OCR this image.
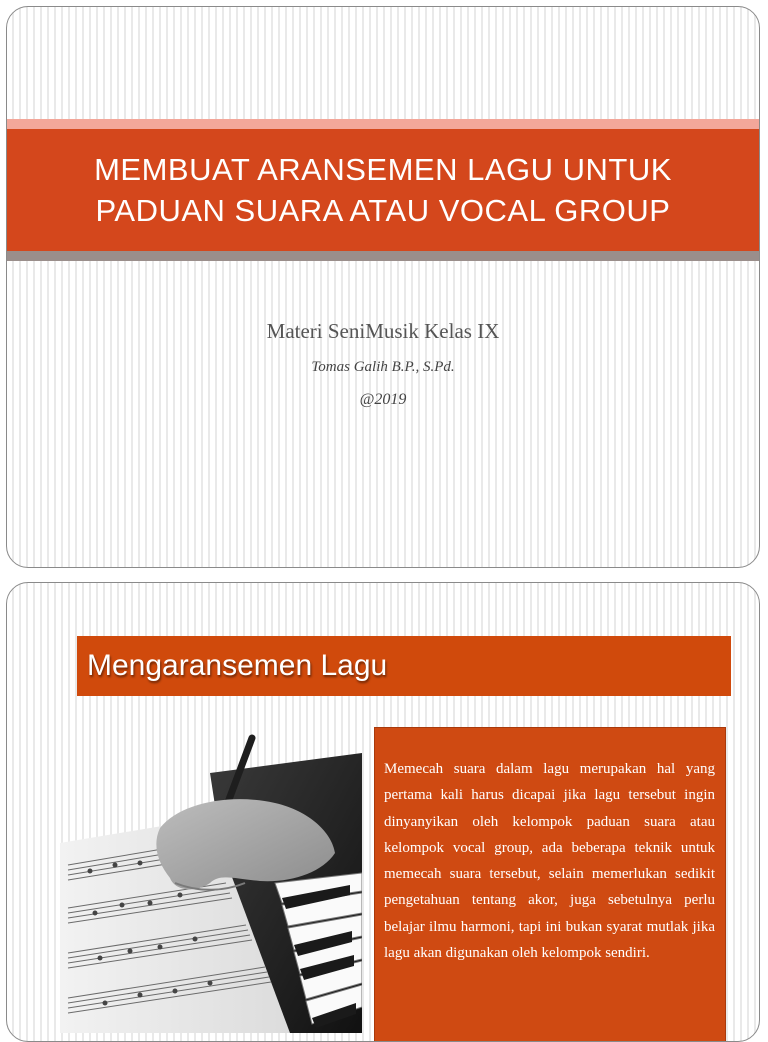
MEMBUAT ARANSEMEN LAGU UNTUK
PADUAN SUARA ATAU VOCAL GROUP
Materi SeniMusik Kelas IX
Tomas Galih B.P., S.Pd.
@2019
Mengaransemen Lagu

Memecah suara dalam lagu merupakan hal yang pertama kali harus dicapai jika lagu tersebut ingin dinyanyikan oleh kelompok paduan suara atau kelompok vocal group, ada beberapa teknik untuk memecah suara tersebut, selain memerlukan sedikit pengetahuan tentang akor, juga sebetulnya perlu belajar ilmu harmoni, tapi ini bukan syarat mutlak jika lagu akan digunakan oleh kelompok sendiri.
